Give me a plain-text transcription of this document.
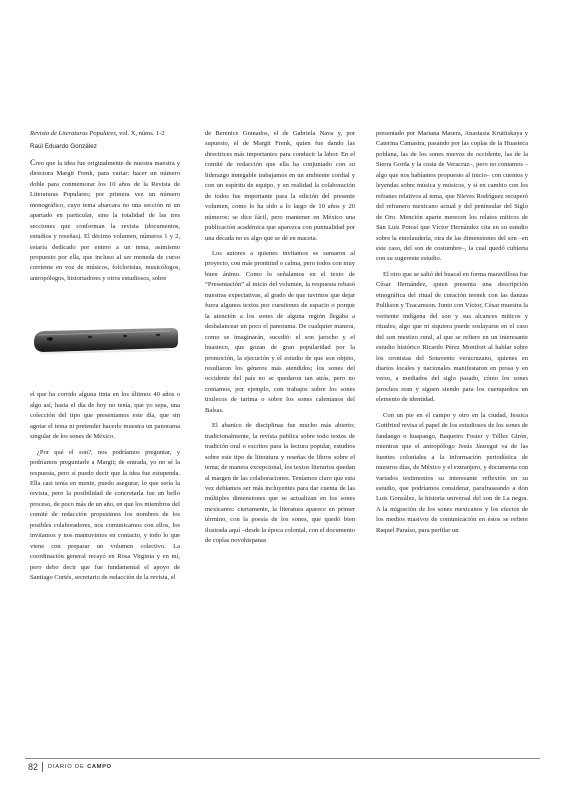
Revista de Literaturas Populares, vol. X, núms. 1-2
Raúl Eduardo González

Creo que la idea fue originalmente de nuestra maestra y directora Margit Frenk, para variar: hacer un número doble para conmemorar los 10 años de la Revista de Literaturas Populares; por primera vez un número monográfico, cuyo tema abarcara no una sección ni un apartado en particular, sino la totalidad de las tres secciones que conforman la revista (documentos, estudios y reseñas). El décimo volumen, números 1 y 2, estaría dedicado por entero a un tema, asimismo propuesto por ella, que incluso al ser moneda de curso corriente en voz de músicos, folcloristas, musicólogos, antropólogos, historiadores y otros estudiosos, sobre

el que ha corrido alguna tinta en los últimos 40 años o algo así, hasta el día de hoy no tenía, que yo sepa, una colección del tipo que presentamos este día, que sin agotar el tema ni pretender hacerlo muestra un panorama singular de los sones de México.

¿Por qué el son?, nos podríamos preguntar, y podríamos preguntarle a Margit; de entrada, yo no sé la respuesta, pero sí puedo decir que la idea fue estupenda. Ella casi tenía en mente, puedo asegurar, lo que sería la revista, pero la posibilidad de concretarla fue un bello proceso, de poco más de un año, en que los miembros del comité de redacción propusimos los nombres de los posibles colaboradores, nos comunicamos con ellos, los invitamos y nos mantuvimos en contacto, y todo lo que viene con preparar un volumen colectivo. La coordinación general recayó en Rosa Virginia y en mí, pero debo decir que fue fundamental el apoyo de Santiago Cortés, secretario de redacción de la revista, el

de Berenice Granados, el de Gabriela Nava y, por supuesto, el de Margit Frenk, quien fue dando las directrices más importantes para conducir la labor. En el comité de redacción que ella ha conjuntado con su liderazgo innegable trabajamos en un ambiente cordial y con un espíritu de equipo, y en realidad la colaboración de todos fue importante para la edición del presente volumen, como lo ha sido a lo largo de 10 años y 20 números: se dice fácil, pero mantener en México una publicación académica que aparezca con puntualidad por una década no es algo que se dé en maceta.

Los autores a quienes invitamos se sumaron al proyecto, con más prontitud o calma, pero todos con muy buen ánimo. Como lo señalamos en el texto de “Presentación” al inicio del volumen, la respuesta rebasó nuestras expectativas, al grado de que tuvimos que dejar fuera algunos textos por cuestiones de espacio o porque la atención a los sones de alguna región llegaba a desbalancear un poco el panorama. De cualquier manera, como se imaginarán, sucedió: el son jarocho y el huasteco, que gozan de gran popularidad por la promoción, la ejecución y el estudio de que son objeto, resultaron los géneros más atendidos; los sones del occidente del país no se quedaron tan atrás, pero no contamos, por ejemplo, con trabajos sobre los sones tixtlecos de tarima o sobre los sones calentanos del Balsas.

El abanico de disciplinas fue mucho más abierto; tradicionalmente, la revista publica sobre todo textos de tradición oral o escritos para la lectura popular, estudios sobre este tipo de literatura y reseñas de libros sobre el tema; de manera excepcional, los textos literarios quedan al margen de las colaboraciones. Teníamos claro que esta vez debíamos ser más incluyentes para dar cuenta de las múltiples dimensiones que se actualizan en los sones mexicanos: ciertamente, la literatura aparece en primer término, con la poesía de los sones, que quedó bien ilustrada aquí –desde la época colonial, con el documento de coplas novohispanas

presentado por Mariana Masera, Anastasia Krutitskaya y Caterina Camastra, pasando por las coplas de la Huasteca poblana, las de los sones nuevos de occidente, las de la Sierra Gorda y la costa de Veracruz–, pero no contamos –algo que nos habíamos propuesto al inicio– con cuentos y leyendas sobre música y músicos, y sí en cambio con los refranes relativos al tema, que Nieves Rodríguez recuperó del refranero mexicano actual y del peninsular del Siglo de Oro. Mención aparte merecen los relatos míticos de San Luis Potosí que Víctor Hernández cita en su estudio sobre la etnolaudería, otra de las dimensiones del son –en este caso, del son de costumbre–, la cual quedó cubierta con su sugerente estudio.

El otro que se salió del huacal en forma maravillosa fue César Hernández, quien presenta una descripción etnográfica del ritual de curación teenek con las danzas Pulikson y Tzacamson. Junto con Víctor, César muestra la vertiente indígena del son y sus alcances míticos y rituales, algo que ni siquiera puede soslayarse en el caso del son mestizo rural, al que se refiere en un interesante estudio histórico Ricardo Pérez Montfort al hablar sobre los cronistas del Sotavento veracruzano, quienes en diarios locales y nacionales manifestaron en prosa y en verso, a mediados del siglo pasado, cómo los sones jarochos eran y siguen siendo para los cuenqueños un elemento de identidad.

Con un pie en el campo y otro en la ciudad, Jessica Gottfried revisa el papel de los estudiosos de los sones de fandango o huapango, Baqueiro Foster y Téllez Girón, mientras que el antropólogo Jesús Jáuregui va de las fuentes coloniales a la información periodística de nuestros días, de México y el extranjero, y documenta con variados testimonios su interesante reflexión en su estudio, que podríamos considerar, parafraseando a don Luis González, la historia universal del son de La negra. A la migración de los sones mexicanos y los efectos de los medios masivos de comunicación en éstos se refiere Raquel Paraíso, para perfilar un

82 DIARIO DE CAMPO
